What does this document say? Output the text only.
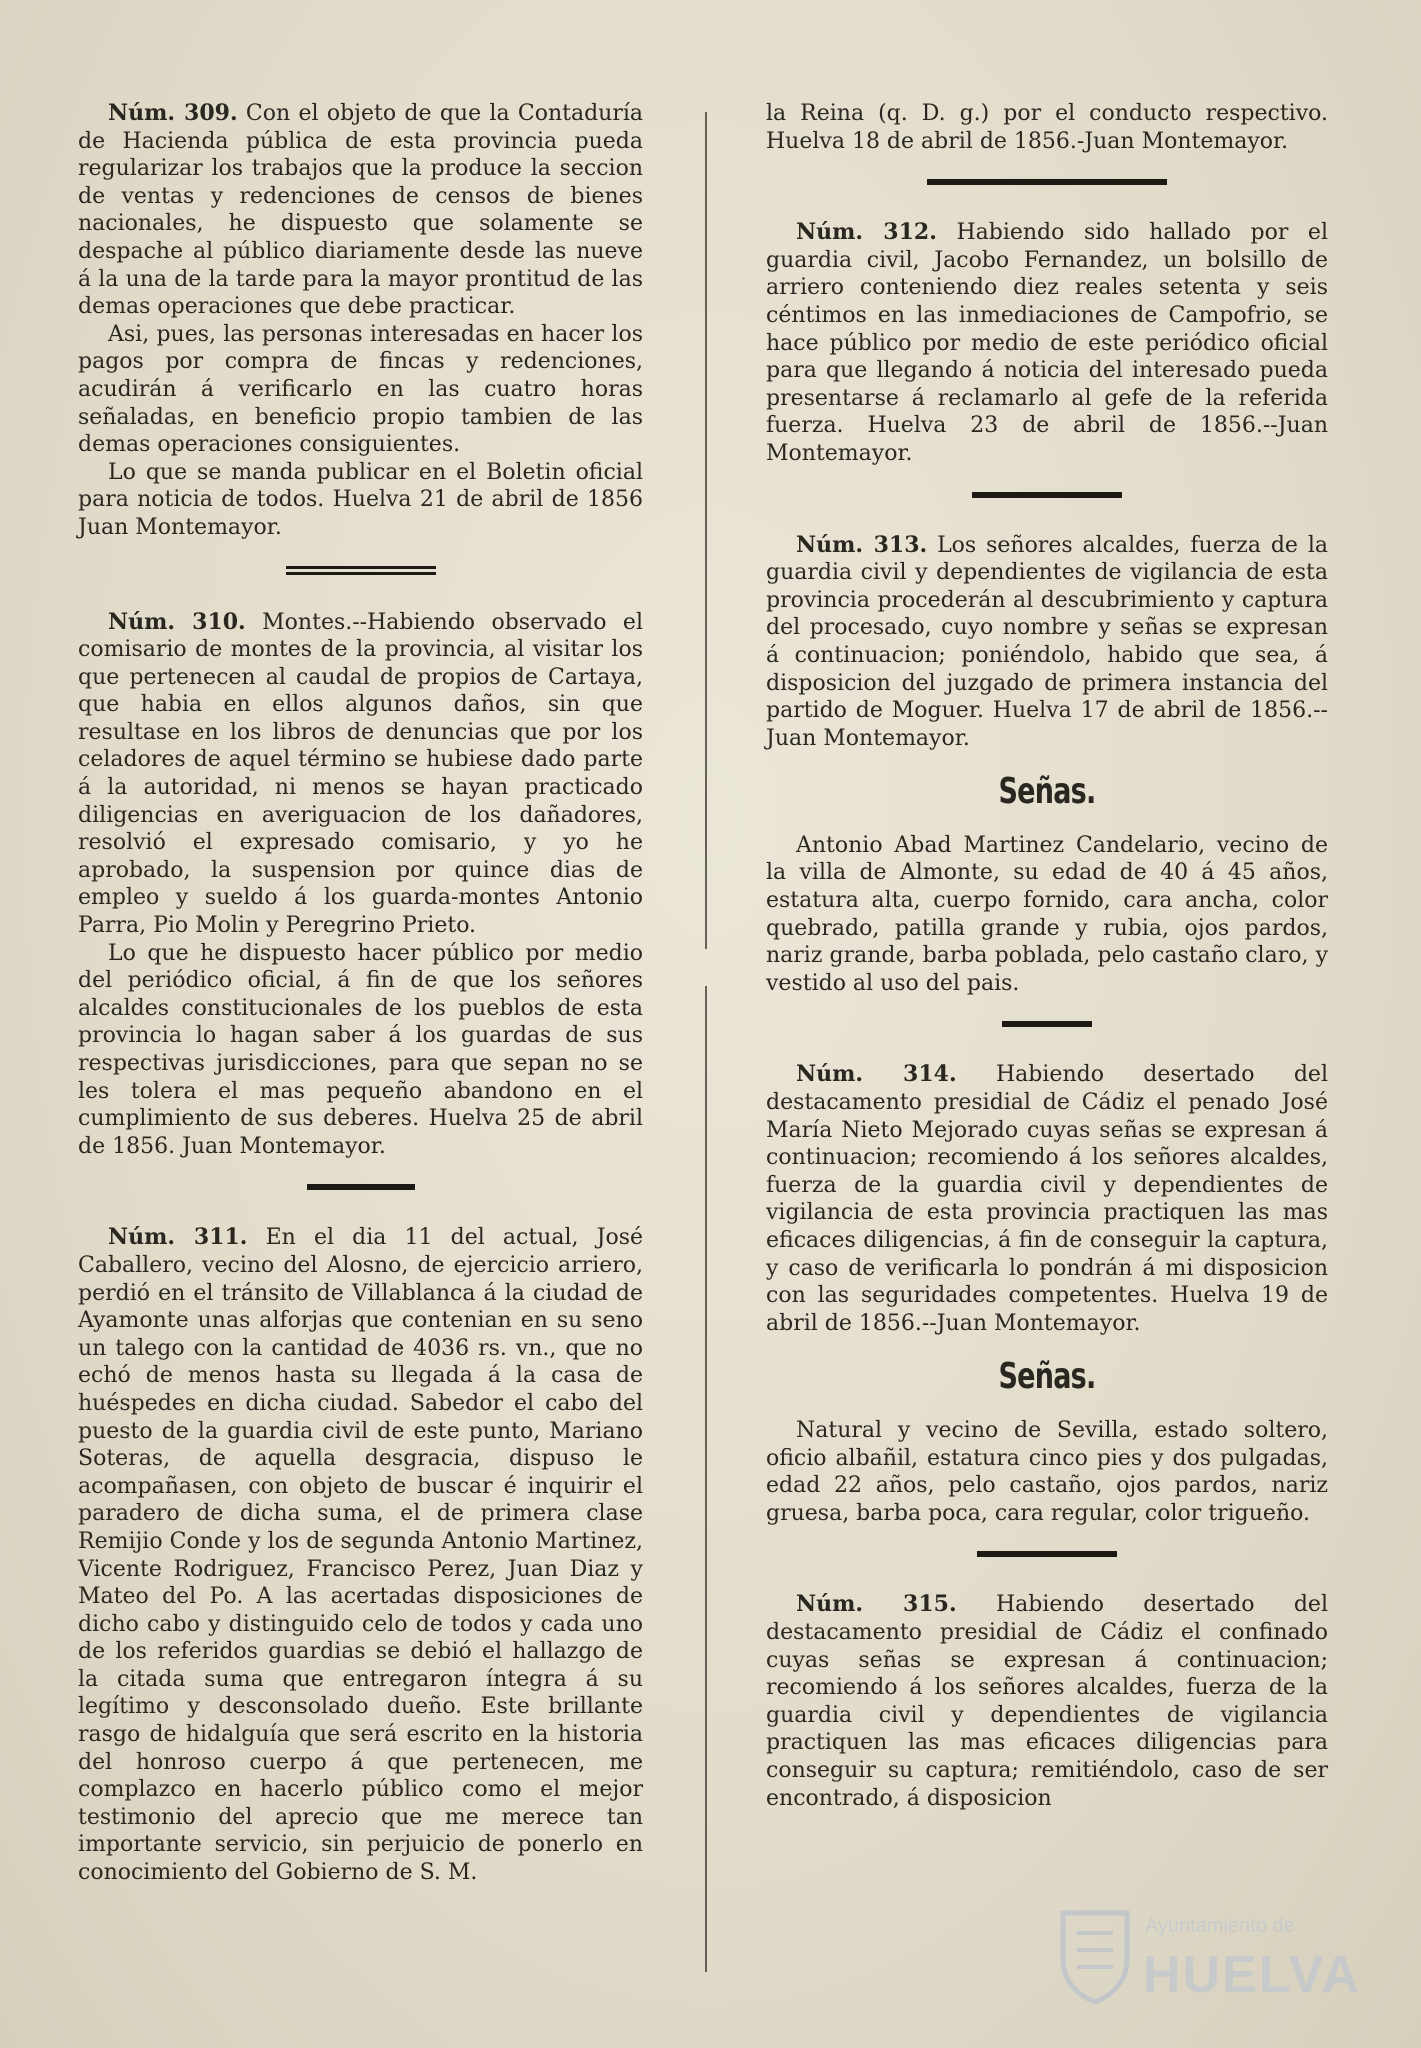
Núm. 309. Con el objeto de que la Contaduría de Hacienda pública de esta provincia pueda regularizar los trabajos que la produce la seccion de ventas y redenciones de censos de bienes nacionales, he dispuesto que solamente se despache al público diariamente desde las nueve á la una de la tarde para la mayor prontitud de las demas operaciones que debe practicar.

Asi, pues, las personas interesadas en hacer los pagos por compra de fincas y redenciones, acudirán á verificarlo en las cuatro horas señaladas, en beneficio propio tambien de las demas operaciones consiguientes.

Lo que se manda publicar en el Boletin oficial para noticia de todos. Huelva 21 de abril de 1856 Juan Montemayor.

Núm. 310. Montes.--Habiendo observado el comisario de montes de la provincia, al visitar los que pertenecen al caudal de propios de Cartaya, que habia en ellos algunos daños, sin que resultase en los libros de denuncias que por los celadores de aquel término se hubiese dado parte á la autoridad, ni menos se hayan practicado diligencias en averiguacion de los dañadores, resolvió el expresado comisario, y yo he aprobado, la suspension por quince dias de empleo y sueldo á los guarda-montes Antonio Parra, Pio Molin y Peregrino Prieto.

Lo que he dispuesto hacer público por medio del periódico oficial, á fin de que los señores alcaldes constitucionales de los pueblos de esta provincia lo hagan saber á los guardas de sus respectivas jurisdicciones, para que sepan no se les tolera el mas pequeño abandono en el cumplimiento de sus deberes. Huelva 25 de abril de 1856. Juan Montemayor.

Núm. 311. En el dia 11 del actual, José Caballero, vecino del Alosno, de ejercicio arriero, perdió en el tránsito de Villablanca á la ciudad de Ayamonte unas alforjas que contenian en su seno un talego con la cantidad de 4036 rs. vn., que no echó de menos hasta su llegada á la casa de huéspedes en dicha ciudad. Sabedor el cabo del puesto de la guardia civil de este punto, Mariano Soteras, de aquella desgracia, dispuso le acompañasen, con objeto de buscar é inquirir el paradero de dicha suma, el de primera clase Remijio Conde y los de segunda Antonio Martinez, Vicente Rodriguez, Francisco Perez, Juan Diaz y Mateo del Po. A las acertadas disposiciones de dicho cabo y distinguido celo de todos y cada uno de los referidos guardias se debió el hallazgo de la citada suma que entregaron íntegra á su legítimo y desconsolado dueño. Este brillante rasgo de hidalguía que será escrito en la historia del honroso cuerpo á que pertenecen, me complazco en hacerlo público como el mejor testimonio del aprecio que me merece tan importante servicio, sin perjuicio de ponerlo en conocimiento del Gobierno de S. M.

la Reina (q. D. g.) por el conducto respectivo. Huelva 18 de abril de 1856.-Juan Montemayor.

Núm. 312. Habiendo sido hallado por el guardia civil, Jacobo Fernandez, un bolsillo de arriero conteniendo diez reales setenta y seis céntimos en las inmediaciones de Campofrio, se hace público por medio de este periódico oficial para que llegando á noticia del interesado pueda presentarse á reclamarlo al gefe de la referida fuerza. Huelva 23 de abril de 1856.--Juan Montemayor.

Núm. 313. Los señores alcaldes, fuerza de la guardia civil y dependientes de vigilancia de esta provincia procederán al descubrimiento y captura del procesado, cuyo nombre y señas se expresan á continuacion; poniéndolo, habido que sea, á disposicion del juzgado de primera instancia del partido de Moguer. Huelva 17 de abril de 1856.--Juan Montemayor.

Señas.

Antonio Abad Martinez Candelario, vecino de la villa de Almonte, su edad de 40 á 45 años, estatura alta, cuerpo fornido, cara ancha, color quebrado, patilla grande y rubia, ojos pardos, nariz grande, barba poblada, pelo castaño claro, y vestido al uso del pais.

Núm. 314. Habiendo desertado del destacamento presidial de Cádiz el penado José María Nieto Mejorado cuyas señas se expresan á continuacion; recomiendo á los señores alcaldes, fuerza de la guardia civil y dependientes de vigilancia de esta provincia practiquen las mas eficaces diligencias, á fin de conseguir la captura, y caso de verificarla lo pondrán á mi disposicion con las seguridades competentes. Huelva 19 de abril de 1856.--Juan Montemayor.

Señas.

Natural y vecino de Sevilla, estado soltero, oficio albañil, estatura cinco pies y dos pulgadas, edad 22 años, pelo castaño, ojos pardos, nariz gruesa, barba poca, cara regular, color trigueño.

Núm. 315. Habiendo desertado del destacamento presidial de Cádiz el confinado cuyas señas se expresan á continuacion; recomiendo á los señores alcaldes, fuerza de la guardia civil y dependientes de vigilancia practiquen las mas eficaces diligencias para conseguir su captura; remitiéndolo, caso de ser encontrado, á disposicion

Ayuntamiento de
HUELVA
